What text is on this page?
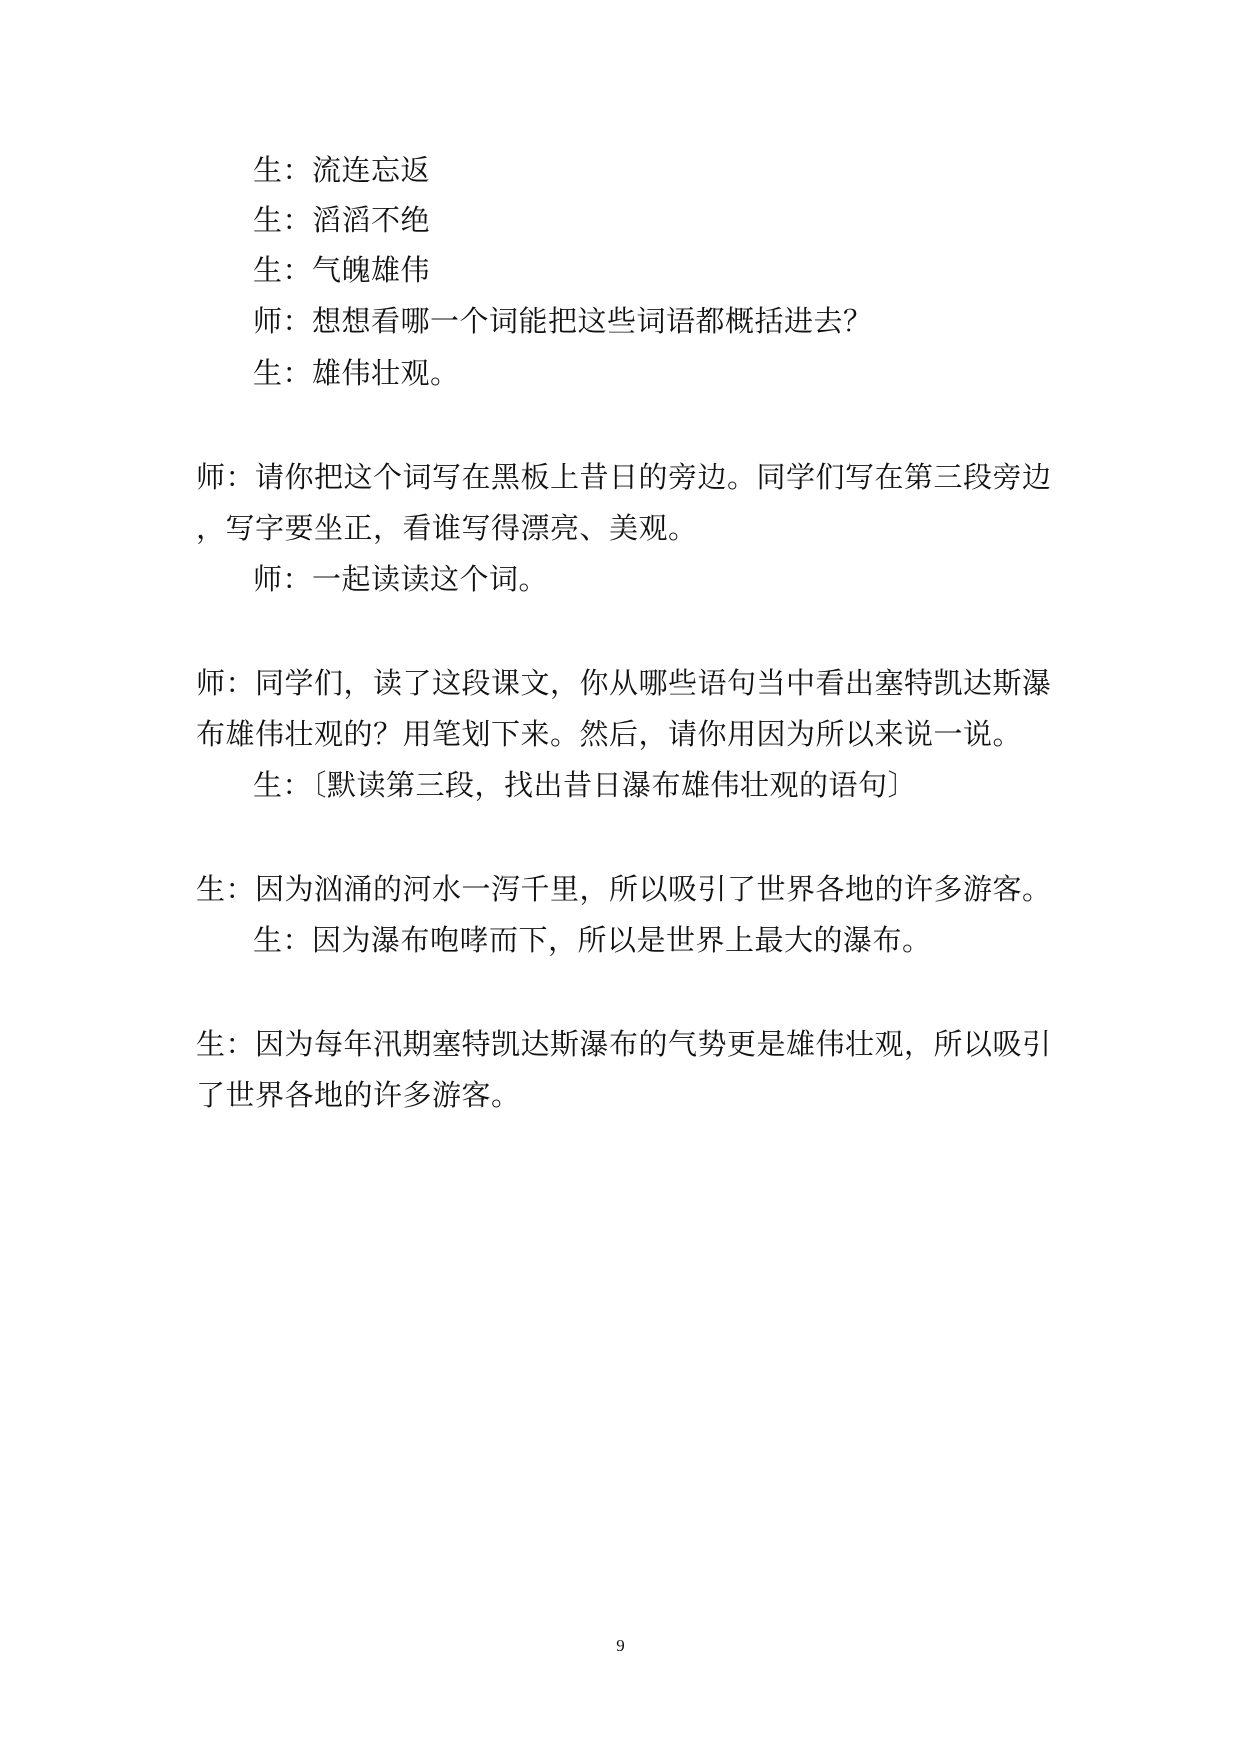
生：流连忘返
生：滔滔不绝
生：气魄雄伟
师：想想看哪一个词能把这些词语都概括进去？
生：雄伟壮观。
师：请你把这个词写在黑板上昔日的旁边。同学们写在第三段旁边
，写字要坐正，看谁写得漂亮、美观。
师：一起读读这个词。
师：同学们，读了这段课文，你从哪些语句当中看出塞特凯达斯瀑
布雄伟壮观的？用笔划下来。然后，请你用因为所以来说一说。
生：〔默读第三段，找出昔日瀑布雄伟壮观的语句〕
生：因为汹涌的河水一泻千里，所以吸引了世界各地的许多游客。
生：因为瀑布咆哮而下，所以是世界上最大的瀑布。
生：因为每年汛期塞特凯达斯瀑布的气势更是雄伟壮观，所以吸引
了世界各地的许多游客。
9
